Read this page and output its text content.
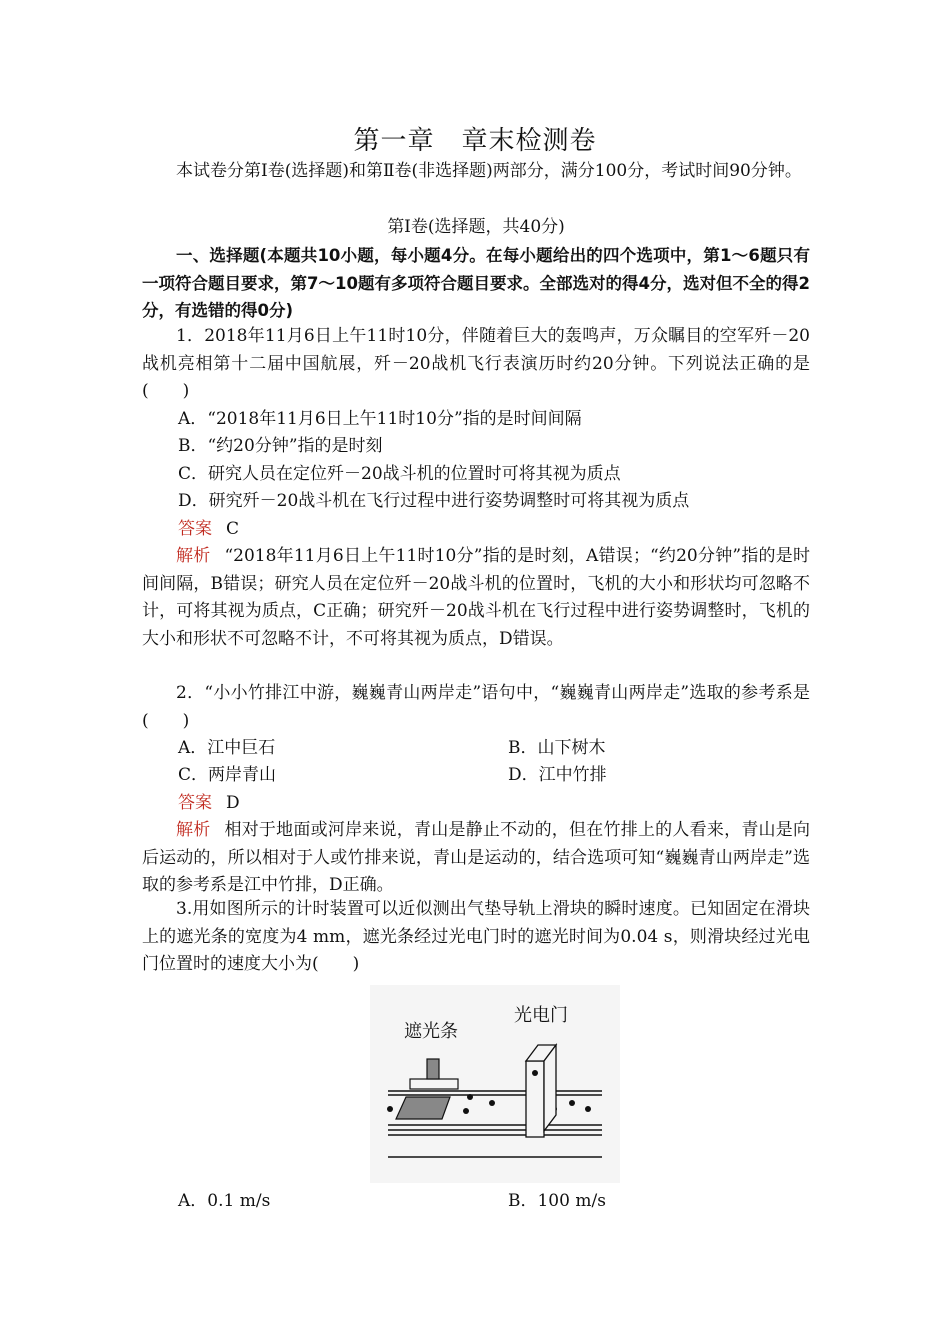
第一章　章末检测卷
本试卷分第Ⅰ卷(选择题)和第Ⅱ卷(非选择题)两部分，满分100分，考试时间90分钟。
第Ⅰ卷(选择题，共40分)
一、选择题(本题共10小题，每小题4分。在每小题给出的四个选项中，第1～6题只有一项符合题目要求，第7～10题有多项符合题目要求。全部选对的得4分，选对但不全的得2分，有选错的得0分)
1．2018年11月6日上午11时10分，伴随着巨大的轰鸣声，万众瞩目的空军歼－20战机亮相第十二届中国航展，歼－20战机飞行表演历时约20分钟。下列说法正确的是(　　)
A．“2018年11月6日上午11时10分”指的是时间间隔
B．“约20分钟”指的是时刻
C．研究人员在定位歼－20战斗机的位置时可将其视为质点
D．研究歼－20战斗机在飞行过程中进行姿势调整时可将其视为质点
答案 C
解析 “2018年11月6日上午11时10分”指的是时刻，A错误；“约20分钟”指的是时间间隔，B错误；研究人员在定位歼－20战斗机的位置时，飞机的大小和形状均可忽略不计，可将其视为质点，C正确；研究歼－20战斗机在飞行过程中进行姿势调整时，飞机的大小和形状不可忽略不计，不可将其视为质点，D错误。
2．“小小竹排江中游，巍巍青山两岸走”语句中，“巍巍青山两岸走”选取的参考系是(　　)
A．江中巨石	B．山下树木
C．两岸青山	D．江中竹排
答案 D
解析 相对于地面或河岸来说，青山是静止不动的，但在竹排上的人看来，青山是向后运动的，所以相对于人或竹排来说，青山是运动的，结合选项可知“巍巍青山两岸走”选取的参考系是江中竹排，D正确。
3.用如图所示的计时装置可以近似测出气垫导轨上滑块的瞬时速度。已知固定在滑块上的遮光条的宽度为4 mm，遮光条经过光电门时的遮光时间为0.04 s，则滑块经过光电门位置时的速度大小为(　　)
遮光条
光电门
A．0.1 m/s	B．100 m/s
